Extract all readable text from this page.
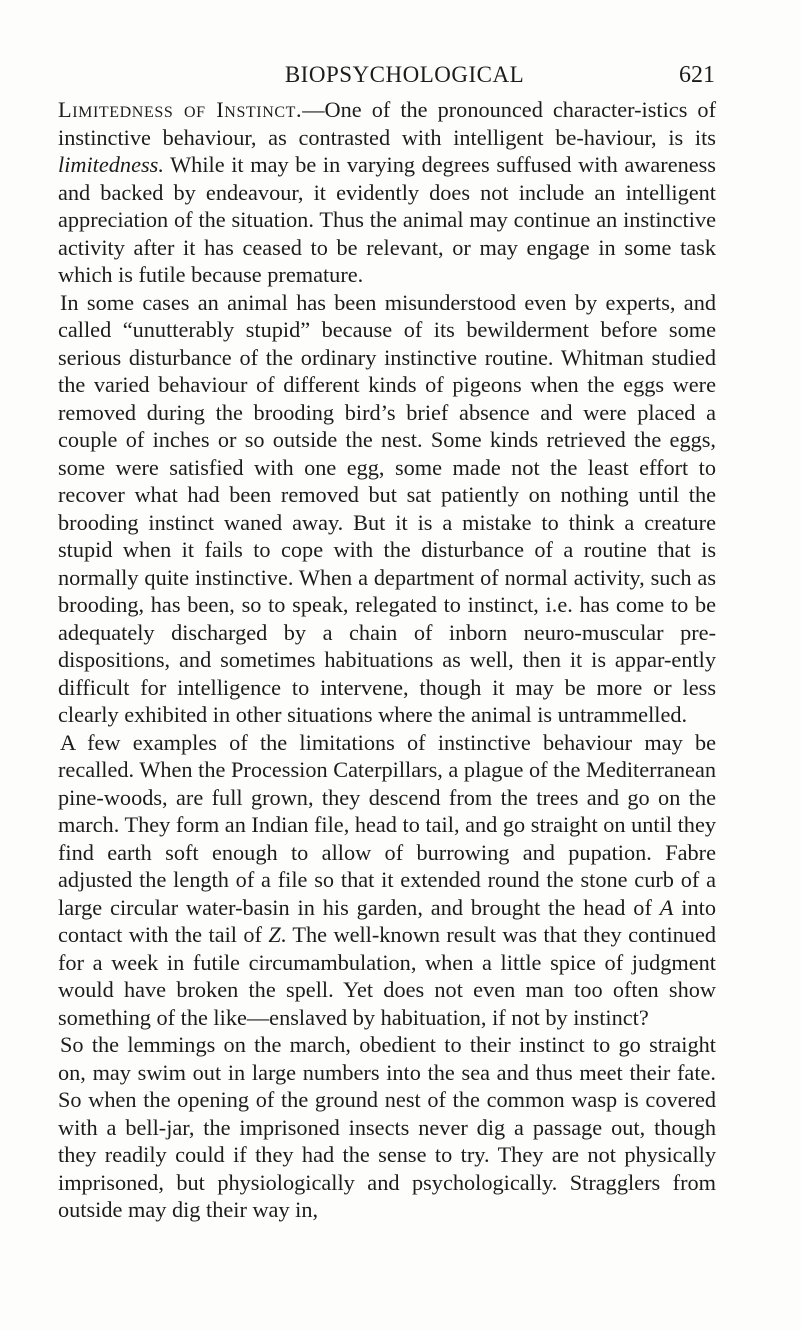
BIOPSYCHOLOGICAL	621

Limitedness of Instinct.—One of the pronounced character-istics of instinctive behaviour, as contrasted with intelligent be-haviour, is its limitedness. While it may be in varying degrees suffused with awareness and backed by endeavour, it evidently does not include an intelligent appreciation of the situation. Thus the animal may continue an instinctive activity after it has ceased to be relevant, or may engage in some task which is futile because premature.

In some cases an animal has been misunderstood even by experts, and called “unutterably stupid” because of its bewilderment before some serious disturbance of the ordinary instinctive routine. Whitman studied the varied behaviour of different kinds of pigeons when the eggs were removed during the brooding bird’s brief absence and were placed a couple of inches or so outside the nest. Some kinds retrieved the eggs, some were satisfied with one egg, some made not the least effort to recover what had been removed but sat patiently on nothing until the brooding instinct waned away. But it is a mistake to think a creature stupid when it fails to cope with the disturbance of a routine that is normally quite instinctive. When a department of normal activity, such as brooding, has been, so to speak, relegated to instinct, i.e. has come to be adequately discharged by a chain of inborn neuro-muscular pre-dispositions, and sometimes habituations as well, then it is appar-ently difficult for intelligence to intervene, though it may be more or less clearly exhibited in other situations where the animal is untrammelled.

A few examples of the limitations of instinctive behaviour may be recalled. When the Procession Caterpillars, a plague of the Mediterranean pine-woods, are full grown, they descend from the trees and go on the march. They form an Indian file, head to tail, and go straight on until they find earth soft enough to allow of burrowing and pupation. Fabre adjusted the length of a file so that it extended round the stone curb of a large circular water-basin in his garden, and brought the head of A into contact with the tail of Z. The well-known result was that they continued for a week in futile circumambulation, when a little spice of judgment would have broken the spell. Yet does not even man too often show something of the like—enslaved by habituation, if not by instinct?

So the lemmings on the march, obedient to their instinct to go straight on, may swim out in large numbers into the sea and thus meet their fate. So when the opening of the ground nest of the common wasp is covered with a bell-jar, the imprisoned insects never dig a passage out, though they readily could if they had the sense to try. They are not physically imprisoned, but physiologically and psychologically. Stragglers from outside may dig their way in,
